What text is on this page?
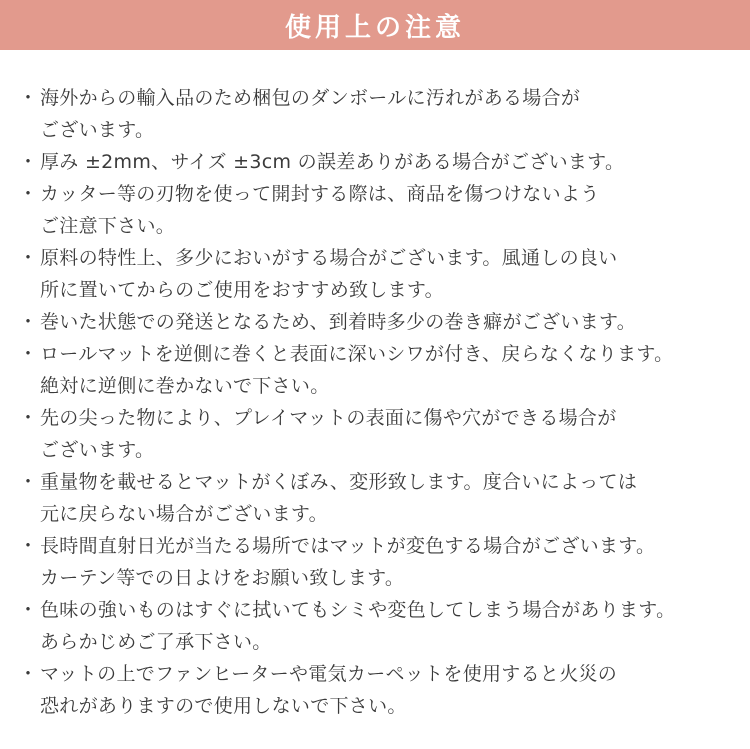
使用上の注意
・ 海外からの輸入品のため梱包のダンボールに汚れがある場合が
ございます。
・ 厚み ±2mm、サイズ ±3cm の誤差ありがある場合がございます。
・ カッター等の刃物を使って開封する際は、商品を傷つけないよう
ご注意下さい。
・ 原料の特性上、多少においがする場合がございます。風通しの良い
所に置いてからのご使用をおすすめ致します。
・ 巻いた状態での発送となるため、到着時多少の巻き癖がございます。
・ ロールマットを逆側に巻くと表面に深いシワが付き、戻らなくなります。
絶対に逆側に巻かないで下さい。
・ 先の尖った物により、プレイマットの表面に傷や穴ができる場合が
ございます。
・ 重量物を載せるとマットがくぼみ、変形致します。度合いによっては
元に戻らない場合がございます。
・ 長時間直射日光が当たる場所ではマットが変色する場合がございます。
カーテン等での日よけをお願い致します。
・ 色味の強いものはすぐに拭いてもシミや変色してしまう場合があります。
あらかじめご了承下さい。
・ マットの上でファンヒーターや電気カーペットを使用すると火災の
恐れがありますので使用しないで下さい。
